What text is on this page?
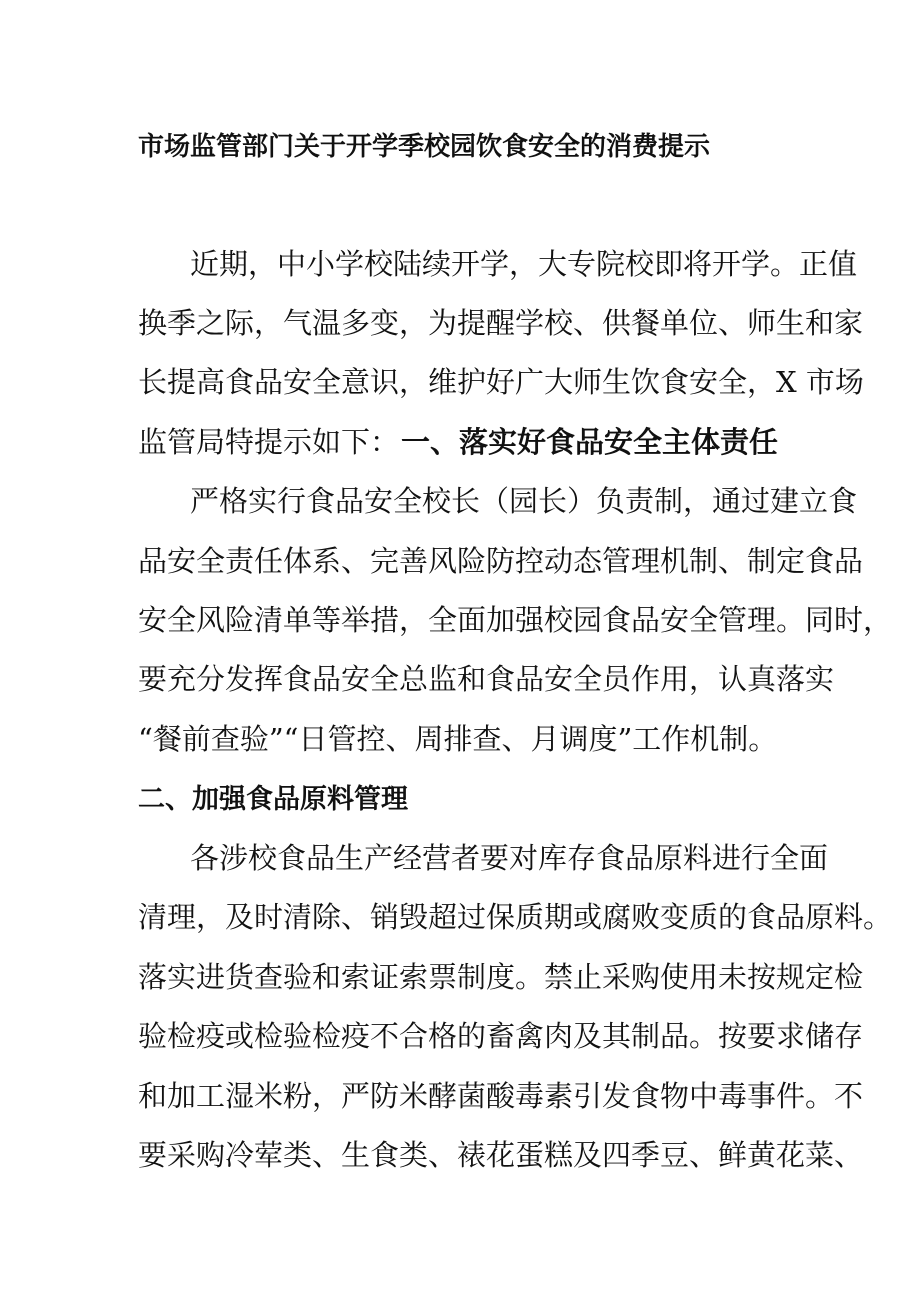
市场监管部门关于开学季校园饮食安全的消费提示
近期，中小学校陆续开学，大专院校即将开学。正值
换季之际，气温多变，为提醒学校、供餐单位、师生和家
长提高食品安全意识，维护好广大师生饮食安全，X 市场
监管局特提示如下： 一、落实好食品安全主体责任
严格实行食品安全校长（园长）负责制，通过建立食
品安全责任体系、完善风险防控动态管理机制、制定食品
安全风险清单等举措，全面加强校园食品安全管理。同时，
要充分发挥食品安全总监和食品安全员作用，认真落实
“餐前查验”“日管控、周排查、月调度”工作机制。
二、加强食品原料管理
各涉校食品生产经营者要对库存食品原料进行全面
清理，及时清除、销毁超过保质期或腐败变质的食品原料。
落实进货查验和索证索票制度。禁止采购使用未按规定检
验检疫或检验检疫不合格的畜禽肉及其制品。按要求储存
和加工湿米粉，严防米酵菌酸毒素引发食物中毒事件。不
要采购冷荤类、生食类、裱花蛋糕及四季豆、鲜黄花菜、
